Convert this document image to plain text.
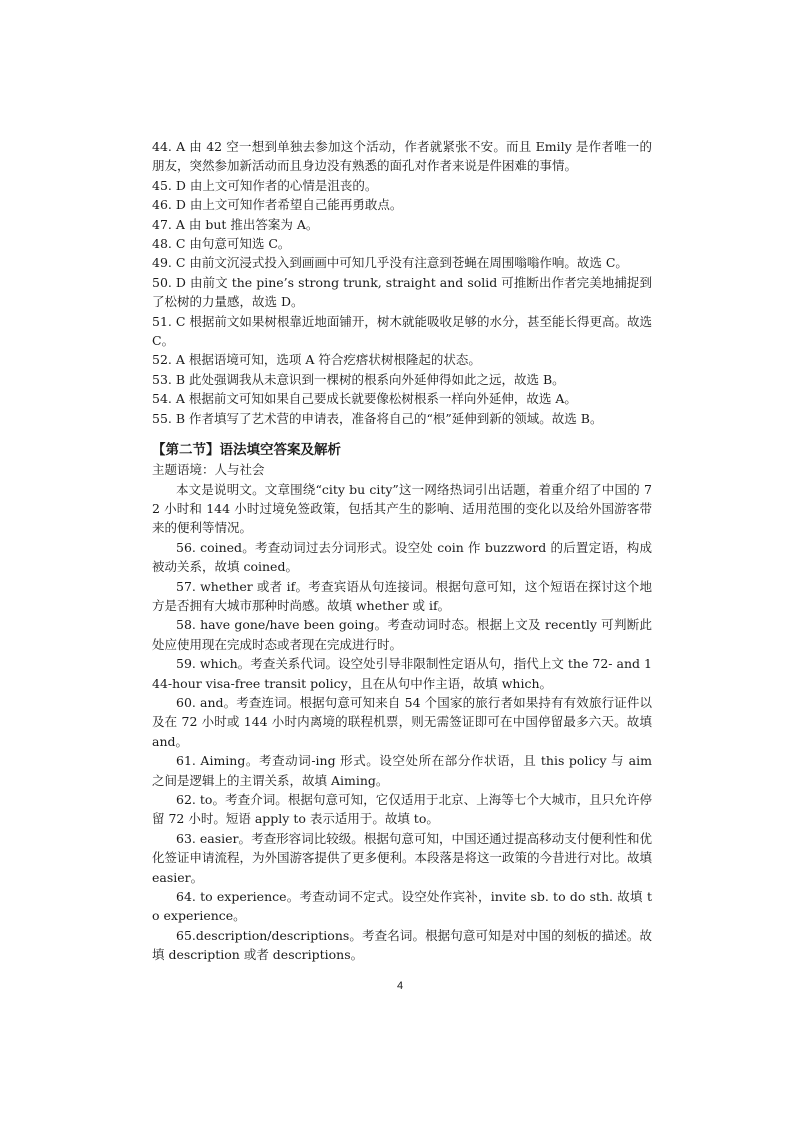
44. A 由 42 空一想到单独去参加这个活动，作者就紧张不安。而且 Emily 是作者唯一的朋友，突然参加新活动而且身边没有熟悉的面孔对作者来说是件困难的事情。

45. D 由上文可知作者的心情是沮丧的。

46. D 由上文可知作者希望自己能再勇敢点。

47. A 由 but 推出答案为 A。

48. C 由句意可知选 C。

49. C 由前文沉浸式投入到画画中可知几乎没有注意到苍蝇在周围嗡嗡作响。故选 C。

50. D 由前文 the pine’s strong trunk, straight and solid 可推断出作者完美地捕捉到了松树的力量感，故选 D。

51. C 根据前文如果树根靠近地面铺开，树木就能吸收足够的水分，甚至能长得更高。故选 C。

52. A 根据语境可知，选项 A 符合疙瘩状树根隆起的状态。

53. B 此处强调我从未意识到一棵树的根系向外延伸得如此之远，故选 B。

54. A 根据前文可知如果自己要成长就要像松树根系一样向外延伸，故选 A。

55. B 作者填写了艺术营的申请表，准备将自己的“根”延伸到新的领域。故选 B。

【第二节】语法填空答案及解析

主题语境：人与社会

本文是说明文。文章围绕“city bu city”这一网络热词引出话题，着重介绍了中国的 72 小时和 144 小时过境免签政策，包括其产生的影响、适用范围的变化以及给外国游客带来的便利等情况。

56. coined。考查动词过去分词形式。设空处 coin 作 buzzword 的后置定语，构成被动关系，故填 coined。

57. whether 或者 if。考查宾语从句连接词。根据句意可知，这个短语在探讨这个地方是否拥有大城市那种时尚感。故填 whether 或 if。

58. have gone/have been going。考查动词时态。根据上文及 recently 可判断此处应使用现在完成时态或者现在完成进行时。

59. which。考查关系代词。设空处引导非限制性定语从句，指代上文 the 72- and 144-hour visa-free transit policy，且在从句中作主语，故填 which。

60. and。考查连词。根据句意可知来自 54 个国家的旅行者如果持有有效旅行证件以及在 72 小时或 144 小时内离境的联程机票，则无需签证即可在中国停留最多六天。故填 and。

61. Aiming。考查动词-ing 形式。设空处所在部分作状语，且 this policy 与 aim 之间是逻辑上的主谓关系，故填 Aiming。

62. to。考查介词。根据句意可知，它仅适用于北京、上海等七个大城市，且只允许停留 72 小时。短语 apply to 表示适用于。故填 to。

63. easier。考查形容词比较级。根据句意可知，中国还通过提高移动支付便利性和优化签证申请流程，为外国游客提供了更多便利。本段落是将这一政策的今昔进行对比。故填 easier。

64. to experience。考查动词不定式。设空处作宾补，invite sb. to do sth. 故填 to experience。

65.description/descriptions。考查名词。根据句意可知是对中国的刻板的描述。故填 description 或者 descriptions。

4
